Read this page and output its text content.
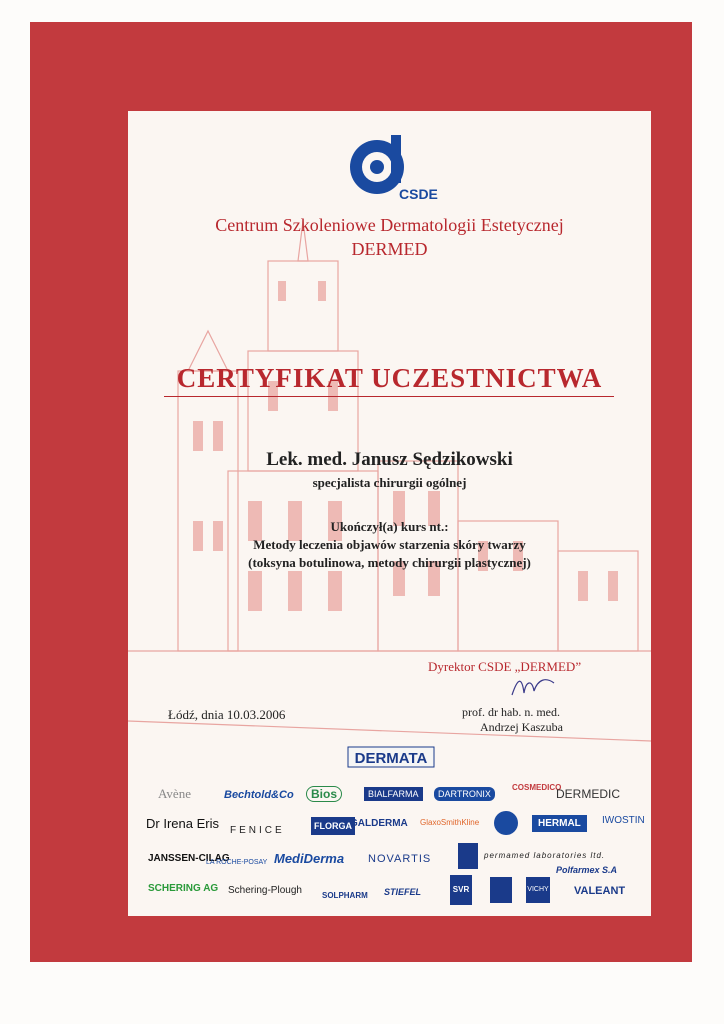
CSDE
Centrum Szkoleniowe Dermatologii Estetycznej
DERMED
CERTYFIKAT UCZESTNICTWA
Lek. med. Janusz Sędzikowski
specjalista chirurgii ogólnej
Ukończył(a) kurs nt.:
Metody leczenia objawów starzenia skóry twarzy
(toksyna botulinowa, metody chirurgii plastycznej)
Dyrektor CSDE „DERMED”
Łódź, dnia 10.03.2006	prof. dr hab. n. med.
Andrzej Kaszuba
DERMATA
Avène	Bechtold&Co	Bios	BIALFARMA	DARTRONIX
COSMEDICO
DERMEDIC
Dr Irena Eris FENICE	FLORGA
GALDERMA GlaxoSmithKline	HERMAL	IWOSTIN
JANSSEN-CILAG
LA ROCHE-POSAY MediDerma NOVARTIS	permamed laboratories ltd.
Polfarmex S.A
SCHERING AG Schering-Plough	SOLPHARM STIEFEL	SVR	VICHY VALEANT
